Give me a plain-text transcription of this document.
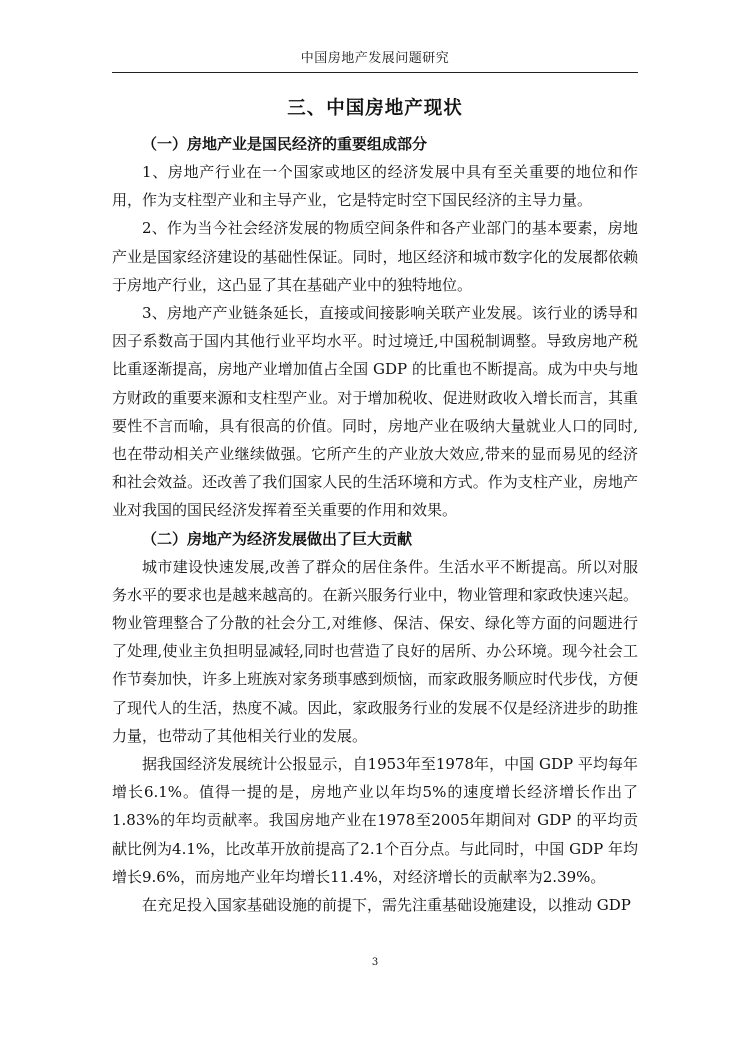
中国房地产发展问题研究
三、中国房地产现状
（一）房地产业是国民经济的重要组成部分

1、房地产行业在一个国家或地区的经济发展中具有至关重要的地位和作用，作为支柱型产业和主导产业，它是特定时空下国民经济的主导力量。

2、作为当今社会经济发展的物质空间条件和各产业部门的基本要素，房地产业是国家经济建设的基础性保证。同时，地区经济和城市数字化的发展都依赖于房地产行业，这凸显了其在基础产业中的独特地位。

3、房地产产业链条延长，直接或间接影响关联产业发展。该行业的诱导和因子系数高于国内其他行业平均水平。时过境迁,中国税制调整。导致房地产税比重逐渐提高，房地产业增加值占全国 GDP 的比重也不断提高。成为中央与地方财政的重要来源和支柱型产业。对于增加税收、促进财政收入增长而言，其重要性不言而喻，具有很高的价值。同时，房地产业在吸纳大量就业人口的同时,也在带动相关产业继续做强。它所产生的产业放大效应,带来的显而易见的经济和社会效益。还改善了我们国家人民的生活环境和方式。作为支柱产业，房地产业对我国的国民经济发挥着至关重要的作用和效果。

（二）房地产为经济发展做出了巨大贡献

城市建设快速发展,改善了群众的居住条件。生活水平不断提高。所以对服务水平的要求也是越来越高的。在新兴服务行业中，物业管理和家政快速兴起。物业管理整合了分散的社会分工,对维修、保洁、保安、绿化等方面的问题进行了处理,使业主负担明显减轻,同时也营造了良好的居所、办公环境。现今社会工作节奏加快，许多上班族对家务琐事感到烦恼，而家政服务顺应时代步伐，方便了现代人的生活，热度不减。因此，家政服务行业的发展不仅是经济进步的助推力量，也带动了其他相关行业的发展。

据我国经济发展统计公报显示，自1953年至1978年，中国 GDP 平均每年增长6.1%。值得一提的是，房地产业以年均5%的速度增长经济增长作出了1.83%的年均贡献率。我国房地产业在1978至2005年期间对 GDP 的平均贡献比例为4.1%，比改革开放前提高了2.1个百分点。与此同时，中国 GDP 年均增长9.6%，而房地产业年均增长11.4%，对经济增长的贡献率为2.39%。

在充足投入国家基础设施的前提下，需先注重基础设施建设，以推动 GDP

3
